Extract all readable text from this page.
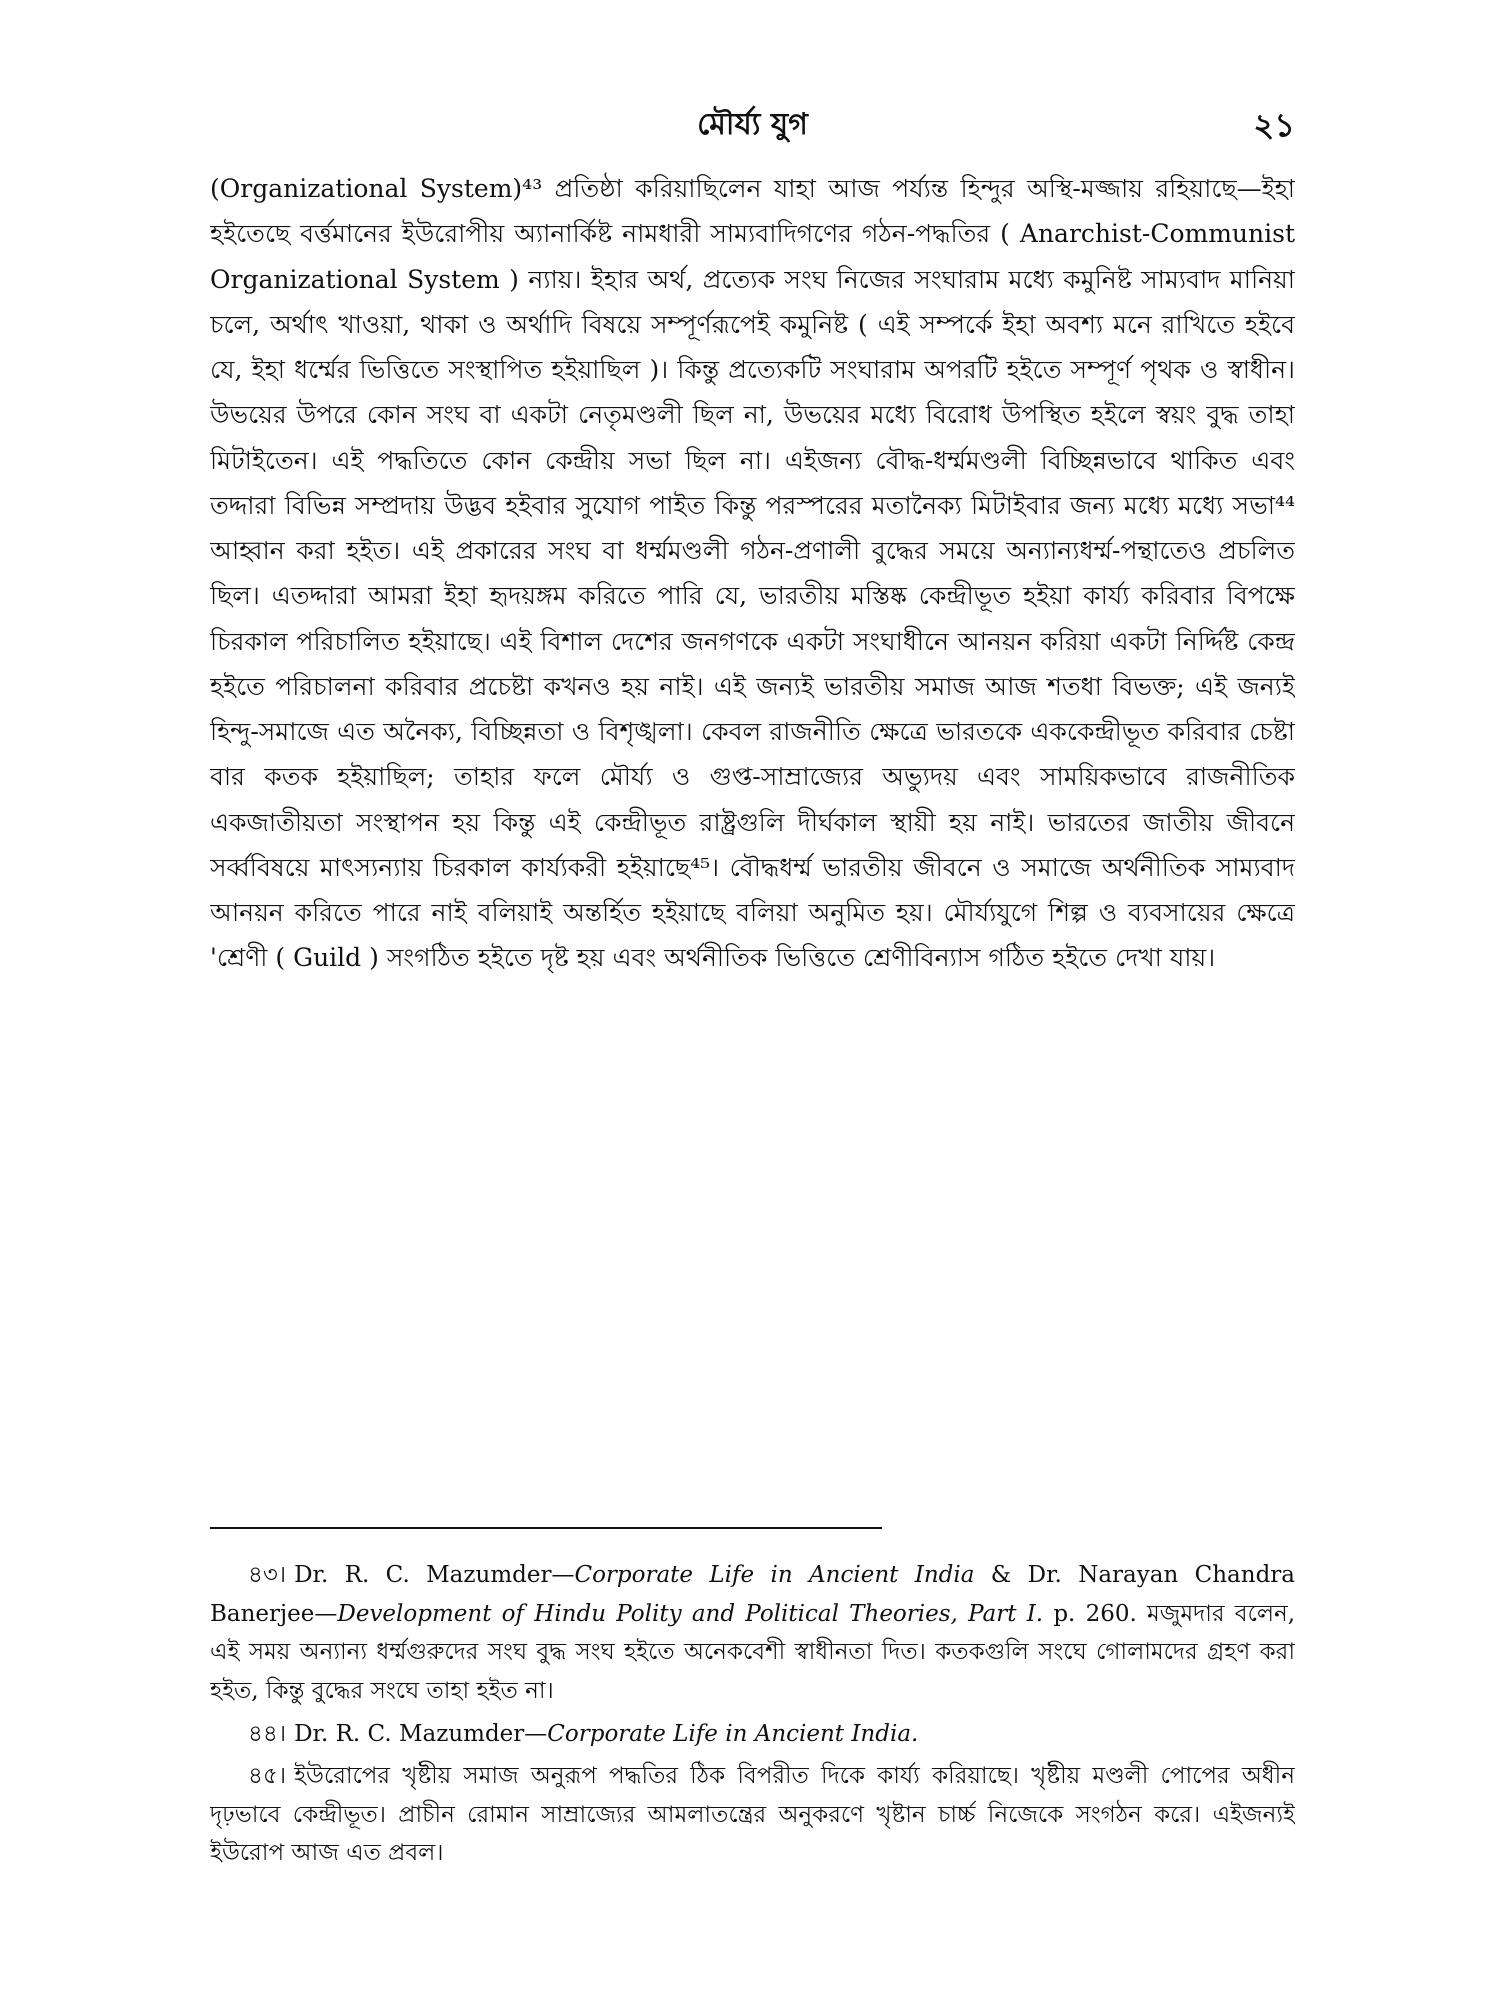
মৌর্য্য যুগ	২১

(Organizational System)⁴³ প্রতিষ্ঠা করিয়াছিলেন যাহা আজ পর্য্যন্ত হিন্দুর অস্থি-মজ্জায় রহিয়াছে—ইহা হইতেছে বর্ত্তমানের ইউরোপীয় অ্যানার্কিষ্ট নামধারী সাম্যবাদিগণের গঠন-পদ্ধতির ( Anarchist-Communist Organizational System ) ন্যায়। ইহার অর্থ, প্রত্যেক সংঘ নিজের সংঘারাম মধ্যে কমুনিষ্ট সাম্যবাদ মানিয়া চলে, অর্থাৎ খাওয়া, থাকা ও অর্থাদি বিষয়ে সম্পূর্ণরূপেই কমুনিষ্ট ( এই সম্পর্কে ইহা অবশ্য মনে রাখিতে হইবে যে, ইহা ধর্ম্মের ভিত্তিতে সংস্থাপিত হইয়াছিল )। কিন্তু প্রত্যেকটি সংঘারাম অপরটি হইতে সম্পূর্ণ পৃথক ও স্বাধীন। উভয়ের উপরে কোন সংঘ বা একটা নেতৃমণ্ডলী ছিল না, উভয়ের মধ্যে বিরোধ উপস্থিত হইলে স্বয়ং বুদ্ধ তাহা মিটাইতেন। এই পদ্ধতিতে কোন কেন্দ্রীয় সভা ছিল না। এইজন্য বৌদ্ধ-ধর্ম্মমণ্ডলী বিচ্ছিন্নভাবে থাকিত এবং তদ্দারা বিভিন্ন সম্প্রদায় উদ্ভব হইবার সুযোগ পাইত কিন্তু পরস্পরের মতানৈক্য মিটাইবার জন্য মধ্যে মধ্যে সভা⁴⁴ আহ্বান করা হইত। এই প্রকারের সংঘ বা ধর্ম্মমণ্ডলী গঠন-প্রণালী বুদ্ধের সময়ে অন্যান্যধর্ম্ম-পন্থাতেও প্রচলিত ছিল। এতদ্দারা আমরা ইহা হৃদয়ঙ্গম করিতে পারি যে, ভারতীয় মস্তিষ্ক কেন্দ্রীভূত হইয়া কার্য্য করিবার বিপক্ষে চিরকাল পরিচালিত হইয়াছে। এই বিশাল দেশের জনগণকে একটা সংঘাধীনে আনয়ন করিয়া একটা নির্দ্দিষ্ট কেন্দ্র হইতে পরিচালনা করিবার প্রচেষ্টা কখনও হয় নাই। এই জন্যই ভারতীয় সমাজ আজ শতধা বিভক্ত; এই জন্যই হিন্দু-সমাজে এত অনৈক্য, বিচ্ছিন্নতা ও বিশৃঙ্খলা। কেবল রাজনীতি ক্ষেত্রে ভারতকে এককেন্দ্রীভূত করিবার চেষ্টা বার কতক হইয়াছিল; তাহার ফলে মৌর্য্য ও গুপ্ত-সাম্রাজ্যের অভ্যুদয় এবং সাময়িকভাবে রাজনীতিক একজাতীয়তা সংস্থাপন হয় কিন্তু এই কেন্দ্রীভূত রাষ্ট্রগুলি দীর্ঘকাল স্থায়ী হয় নাই। ভারতের জাতীয় জীবনে সর্ব্ববিষয়ে মাৎস্যন্যায় চিরকাল কার্য্যকরী হইয়াছে⁴⁵। বৌদ্ধধর্ম্ম ভারতীয় জীবনে ও সমাজে অর্থনীতিক সাম্যবাদ আনয়ন করিতে পারে নাই বলিয়াই অন্তর্হিত হইয়াছে বলিয়া অনুমিত হয়। মৌর্য্যযুগে শিল্প ও ব্যবসায়ের ক্ষেত্রে 'শ্রেণী ( Guild ) সংগঠিত হইতে দৃষ্ট হয় এবং অর্থনীতিক ভিত্তিতে শ্রেণীবিন্যাস গঠিত হইতে দেখা যায়।

৪৩। Dr. R. C. Mazumder—Corporate Life in Ancient India & Dr. Narayan Chandra Banerjee—Development of Hindu Polity and Political Theories, Part I. p. 260. মজুমদার বলেন, এই সময় অন্যান্য ধর্ম্মগুরুদের সংঘ বুদ্ধ সংঘ হইতে অনেকবেশী স্বাধীনতা দিত। কতকগুলি সংঘে গোলামদের গ্রহণ করা হইত, কিন্তু বুদ্ধের সংঘে তাহা হইত না।

৪৪। Dr. R. C. Mazumder—Corporate Life in Ancient India.

৪৫। ইউরোপের খৃষ্টীয় সমাজ অনুরূপ পদ্ধতির ঠিক বিপরীত দিকে কার্য্য করিয়াছে। খৃষ্টীয় মণ্ডলী পোপের অধীন দৃঢ়ভাবে কেন্দ্রীভূত। প্রাচীন রোমান সাম্রাজ্যের আমলাতন্ত্রের অনুকরণে খৃষ্টান চার্চ্চ নিজেকে সংগঠন করে। এইজন্যই ইউরোপ আজ এত প্রবল।
